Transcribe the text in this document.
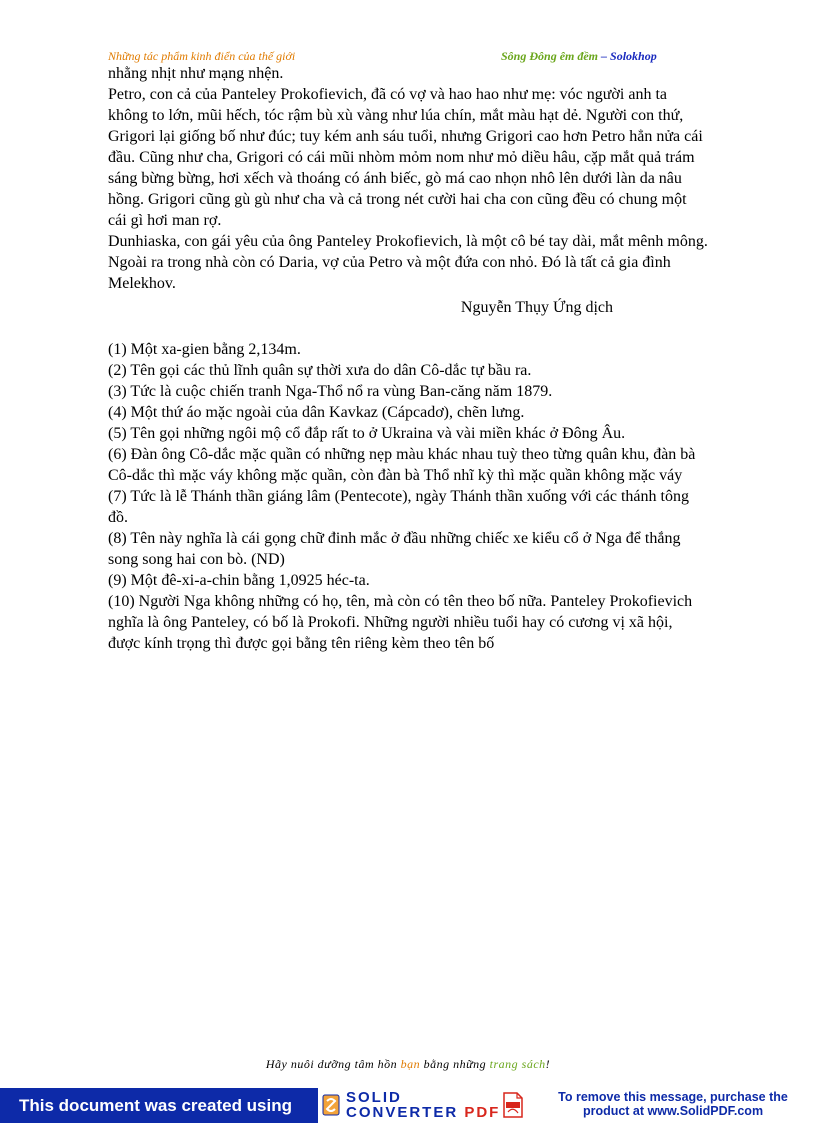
Những tác phẩm kinh điển của thế giới	Sông Đông êm đềm – Solokhop

nhằng nhịt như mạng nhện.

Petro, con cả của Panteley Prokofievich, đã có vợ và hao hao như mẹ: vóc người anh ta không to lớn, mũi hếch, tóc rậm bù xù vàng như lúa chín, mắt màu hạt dẻ. Người con thứ, Grigori lại giống bố như đúc; tuy kém anh sáu tuổi, nhưng Grigori cao hơn Petro hẳn nửa cái đầu. Cũng như cha, Grigori có cái mũi nhòm mỏm nom như mỏ diều hâu, cặp mắt quả trám sáng bừng bừng, hơi xếch và thoáng có ánh biếc, gò má cao nhọn nhô lên dưới làn da nâu hồng. Grigori cũng gù gù như cha và cả trong nét cười hai cha con cũng đều có chung một cái gì hơi man rợ.

Dunhiaska, con gái yêu của ông Panteley Prokofievich, là một cô bé tay dài, mắt mênh mông. Ngoài ra trong nhà còn có Daria, vợ của Petro và một đứa con nhỏ. Đó là tất cả gia đình Melekhov.

Nguyễn Thụy Ứng dịch

(1) Một xa-gien bằng 2,134m.

(2) Tên gọi các thủ lĩnh quân sự thời xưa do dân Cô-dắc tự bầu ra.

(3) Tức là cuộc chiến tranh Nga-Thổ nổ ra vùng Ban-căng năm 1879.

(4) Một thứ áo mặc ngoài của dân Kavkaz (Cápcadơ), chẽn lưng.

(5) Tên gọi những ngôi mộ cổ đắp rất to ở Ukraina và vài miền khác ở Đông Âu.

(6) Đàn ông Cô-dắc mặc quần có những nẹp màu khác nhau tuỳ theo từng quân khu, đàn bà Cô-dắc thì mặc váy không mặc quần, còn đàn bà Thổ nhĩ kỳ thì mặc quần không mặc váy

(7) Tức là lễ Thánh thần giáng lâm (Pentecote), ngày Thánh thần xuống với các thánh tông đồ.

(8) Tên này nghĩa là cái gọng chữ đinh mắc ở đầu những chiếc xe kiểu cổ ở Nga để thắng song song hai con bò. (ND)

(9) Một đê-xi-a-chin bằng 1,0925 héc-ta.

(10) Người Nga không những có họ, tên, mà còn có tên theo bố nữa. Panteley Prokofievich nghĩa là ông Panteley, có bố là Prokofi. Những người nhiều tuổi hay có cương vị xã hội, được kính trọng thì được gọi bằng tên riêng kèm theo tên bố

Hãy nuôi dưỡng tâm hồn bạn bằng những trang sách!
This document was created using	SOLID
CONVERTER PDF
To remove this message, purchase the
product at www.SolidPDF.com
